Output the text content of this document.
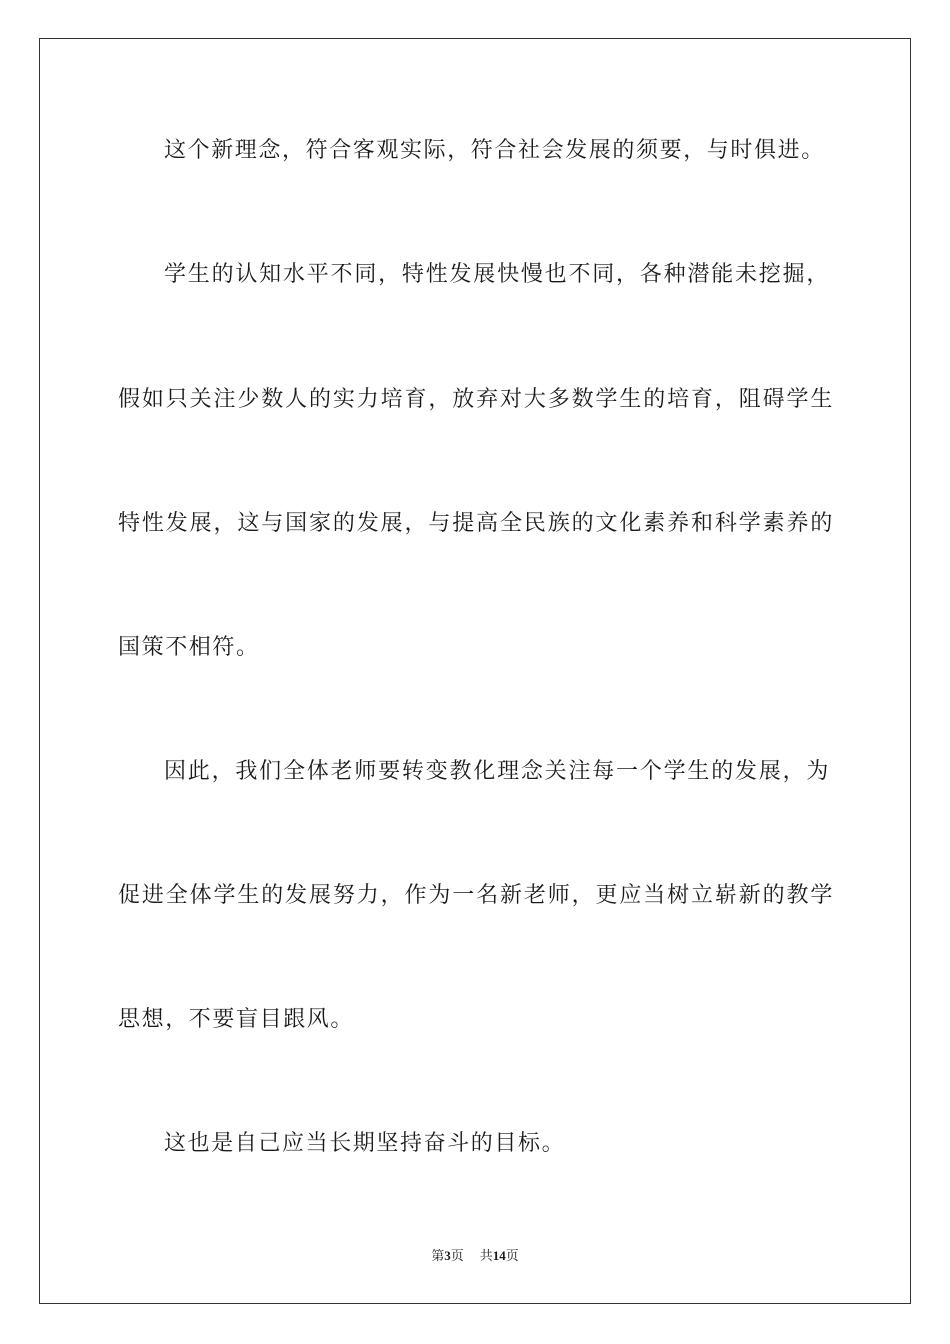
这个新理念，符合客观实际，符合社会发展的须要，与时俱进。
学生的认知水平不同，特性发展快慢也不同，各种潜能未挖掘，
假如只关注少数人的实力培育，放弃对大多数学生的培育，阻碍学生
特性发展，这与国家的发展，与提高全民族的文化素养和科学素养的
国策不相符。
因此，我们全体老师要转变教化理念关注每一个学生的发展，为
促进全体学生的发展努力，作为一名新老师，更应当树立崭新的教学
思想，不要盲目跟风。
这也是自己应当长期坚持奋斗的目标。
第3页 共14页
